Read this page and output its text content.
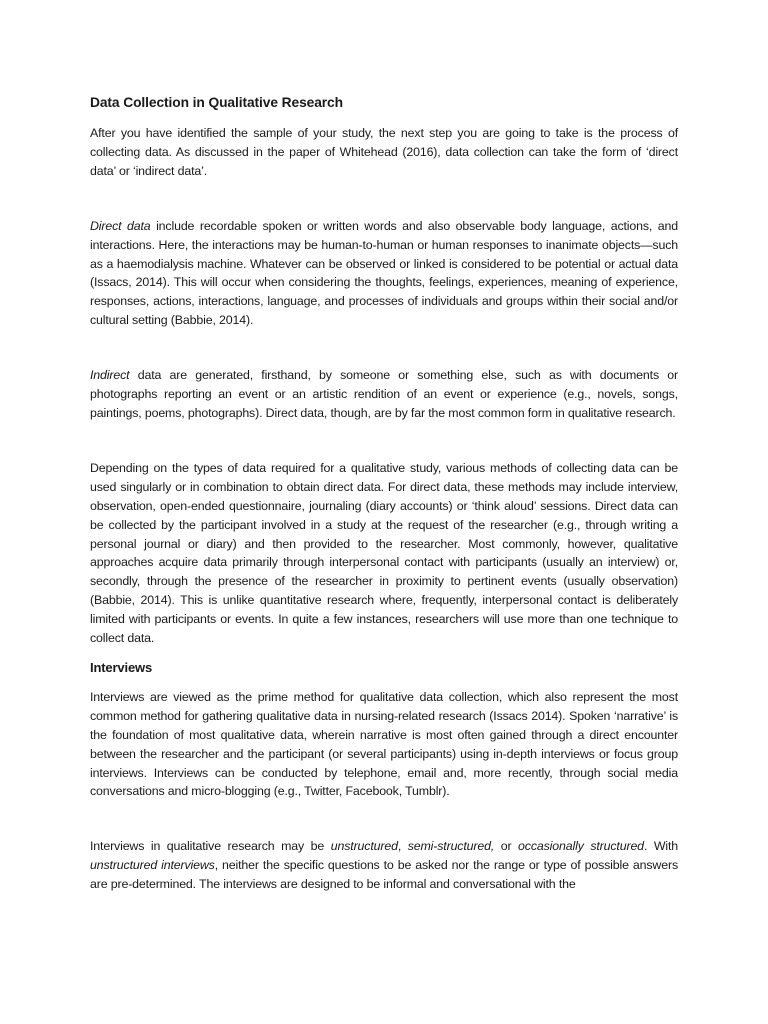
Data Collection in Qualitative Research

After you have identified the sample of your study, the next step you are going to take is the process of collecting data. As discussed in the paper of Whitehead (2016), data collection can take the form of ‘direct data’ or ‘indirect data’.

Direct data include recordable spoken or written words and also observable body language, actions, and interactions. Here, the interactions may be human-to-human or human responses to inanimate objects—such as a haemodialysis machine. Whatever can be observed or linked is considered to be potential or actual data (Issacs, 2014). This will occur when considering the thoughts, feelings, experiences, meaning of experience, responses, actions, interactions, language, and processes of individuals and groups within their social and/or cultural setting (Babbie, 2014).

Indirect data are generated, firsthand, by someone or something else, such as with documents or photographs reporting an event or an artistic rendition of an event or experience (e.g., novels, songs, paintings, poems, photographs). Direct data, though, are by far the most common form in qualitative research.

Depending on the types of data required for a qualitative study, various methods of collecting data can be used singularly or in combination to obtain direct data. For direct data, these methods may include interview, observation, open-ended questionnaire, journaling (diary accounts) or ‘think aloud’ sessions. Direct data can be collected by the participant involved in a study at the request of the researcher (e.g., through writing a personal journal or diary) and then provided to the researcher. Most commonly, however, qualitative approaches acquire data primarily through interpersonal contact with participants (usually an interview) or, secondly, through the presence of the researcher in proximity to pertinent events (usually observation) (Babbie, 2014). This is unlike quantitative research where, frequently, interpersonal contact is deliberately limited with participants or events. In quite a few instances, researchers will use more than one technique to collect data.

Interviews

Interviews are viewed as the prime method for qualitative data collection, which also represent the most common method for gathering qualitative data in nursing-related research (Issacs 2014). Spoken ‘narrative’ is the foundation of most qualitative data, wherein narrative is most often gained through a direct encounter between the researcher and the participant (or several participants) using in-depth interviews or focus group interviews. Interviews can be conducted by telephone, email and, more recently, through social media conversations and micro-blogging (e.g., Twitter, Facebook, Tumblr).

Interviews in qualitative research may be unstructured, semi-structured, or occasionally structured. With unstructured interviews, neither the specific questions to be asked nor the range or type of possible answers are pre-determined. The interviews are designed to be informal and conversational with the
